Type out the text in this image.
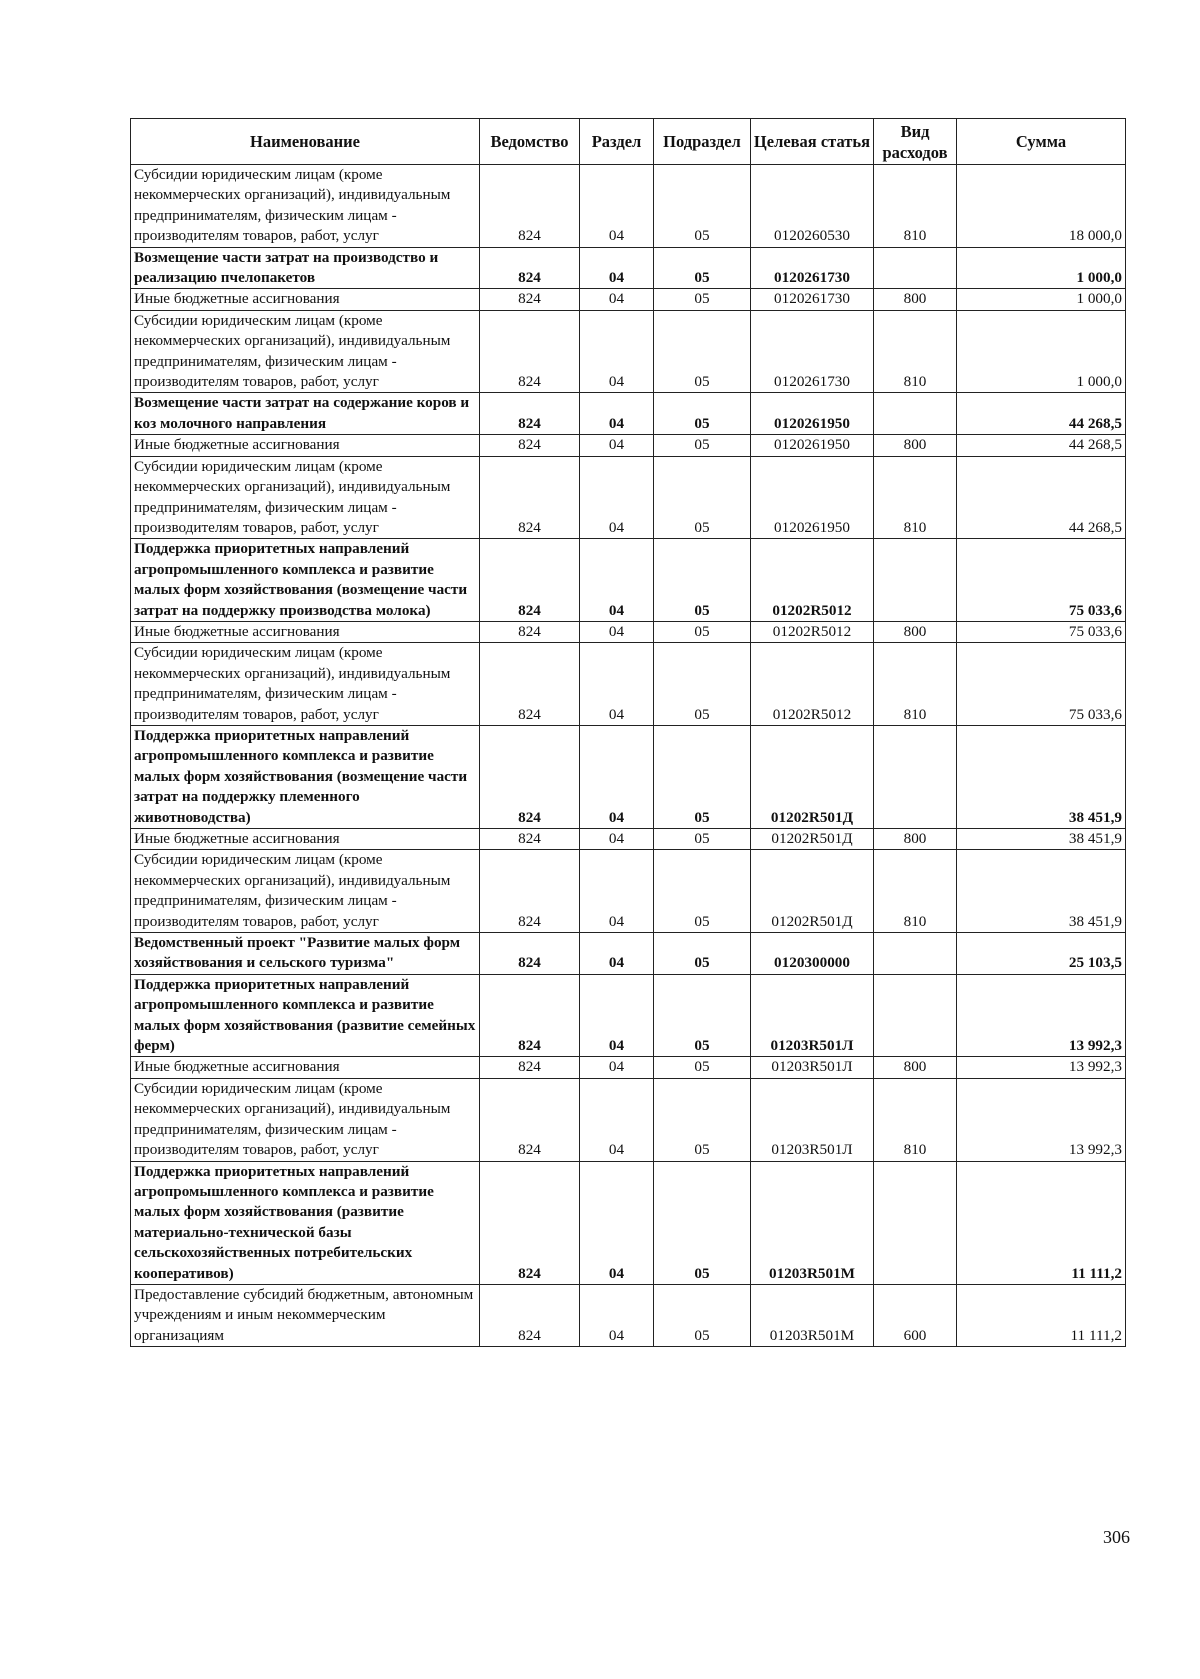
Наименование	Ведомство	Раздел	Подраздел	Целевая статья	Вид расходов	Сумма
Субсидии юридическим лицам (кроме некоммерческих организаций), индивидуальным предпринимателям, физическим лицам - производителям товаров, работ, услуг	824	04	05	0120260530	810	18 000,0
Возмещение части затрат на производство и реализацию пчелопакетов	824	04	05	0120261730		1 000,0
Иные бюджетные ассигнования	824	04	05	0120261730	800	1 000,0
Субсидии юридическим лицам (кроме некоммерческих организаций), индивидуальным предпринимателям, физическим лицам - производителям товаров, работ, услуг	824	04	05	0120261730	810	1 000,0
Возмещение части затрат на содержание коров и коз молочного направления	824	04	05	0120261950		44 268,5
Иные бюджетные ассигнования	824	04	05	0120261950	800	44 268,5
Субсидии юридическим лицам (кроме некоммерческих организаций), индивидуальным предпринимателям, физическим лицам - производителям товаров, работ, услуг	824	04	05	0120261950	810	44 268,5
Поддержка приоритетных направлений агропромышленного комплекса и развитие малых форм хозяйствования (возмещение части затрат на поддержку производства молока)	824	04	05	01202R5012		75 033,6
Иные бюджетные ассигнования	824	04	05	01202R5012	800	75 033,6
Субсидии юридическим лицам (кроме некоммерческих организаций), индивидуальным предпринимателям, физическим лицам - производителям товаров, работ, услуг	824	04	05	01202R5012	810	75 033,6
Поддержка приоритетных направлений агропромышленного комплекса и развитие малых форм хозяйствования (возмещение части затрат на поддержку племенного животноводства)	824	04	05	01202R501Д		38 451,9
Иные бюджетные ассигнования	824	04	05	01202R501Д	800	38 451,9
Субсидии юридическим лицам (кроме некоммерческих организаций), индивидуальным предпринимателям, физическим лицам - производителям товаров, работ, услуг	824	04	05	01202R501Д	810	38 451,9
Ведомственный проект "Развитие малых форм хозяйствования и сельского туризма"	824	04	05	0120300000		25 103,5
Поддержка приоритетных направлений агропромышленного комплекса и развитие малых форм хозяйствования (развитие семейных ферм)	824	04	05	01203R501Л		13 992,3
Иные бюджетные ассигнования	824	04	05	01203R501Л	800	13 992,3
Субсидии юридическим лицам (кроме некоммерческих организаций), индивидуальным предпринимателям, физическим лицам - производителям товаров, работ, услуг	824	04	05	01203R501Л	810	13 992,3
Поддержка приоритетных направлений агропромышленного комплекса и развитие малых форм хозяйствования (развитие материально-технической базы сельскохозяйственных потребительских кооперативов)	824	04	05	01203R501М		11 111,2
Предоставление субсидий бюджетным, автономным учреждениям и иным некоммерческим организациям	824	04	05	01203R501М	600	11 111,2
306
